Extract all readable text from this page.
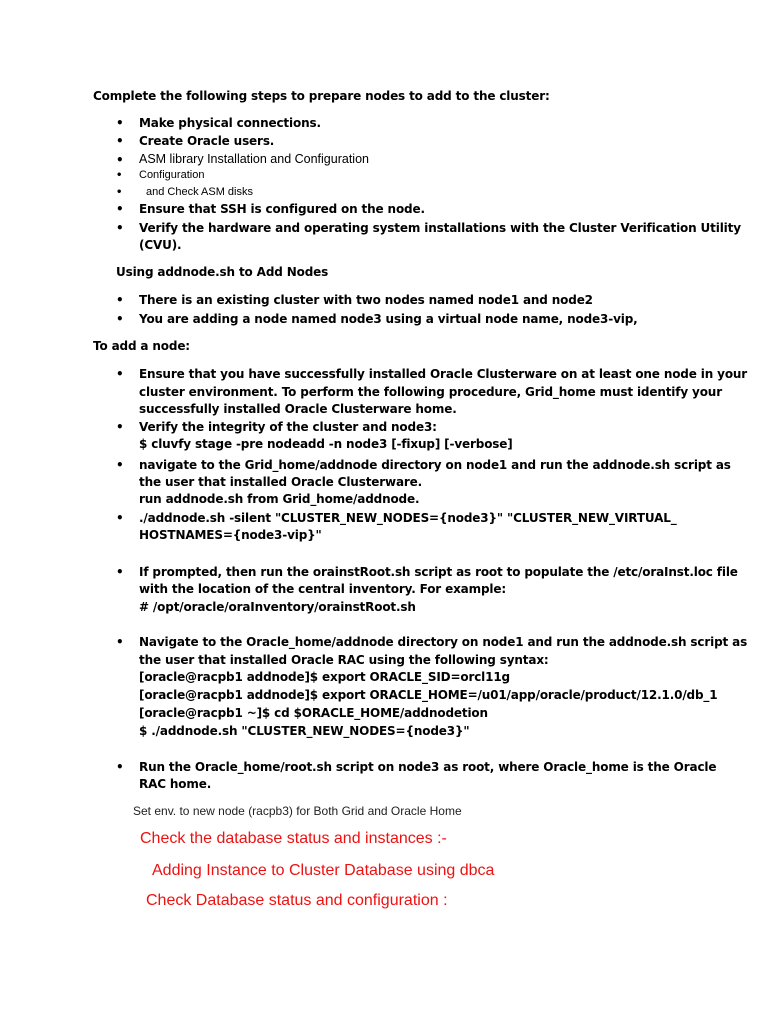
Complete the following steps to prepare nodes to add to the cluster:
• Make physical connections.
• Create Oracle users.
• ASM library Installation and Configuration
• Configuration
• and Check ASM disks
• Ensure that SSH is configured on the node.
• Verify the hardware and operating system installations with the Cluster Verification Utility
(CVU).
Using addnode.sh to Add Nodes
• There is an existing cluster with two nodes named node1 and node2
• You are adding a node named node3 using a virtual node name, node3-vip,
To add a node:
• Ensure that you have successfully installed Oracle Clusterware on at least one node in your
cluster environment. To perform the following procedure, Grid_home must identify your
successfully installed Oracle Clusterware home.
• Verify the integrity of the cluster and node3:
$ cluvfy stage -pre nodeadd -n node3 [-fixup] [-verbose]
• navigate to the Grid_home/addnode directory on node1 and run the addnode.sh script as
the user that installed Oracle Clusterware.
run addnode.sh from Grid_home/addnode.
• ./addnode.sh -silent "CLUSTER_NEW_NODES={node3}" "CLUSTER_NEW_VIRTUAL_
HOSTNAMES={node3-vip}"
• If prompted, then run the orainstRoot.sh script as root to populate the /etc/oraInst.loc file
with the location of the central inventory. For example:
# /opt/oracle/oraInventory/orainstRoot.sh
• Navigate to the Oracle_home/addnode directory on node1 and run the addnode.sh script as
the user that installed Oracle RAC using the following syntax:
[oracle@racpb1 addnode]$ export ORACLE_SID=orcl11g
[oracle@racpb1 addnode]$ export ORACLE_HOME=/u01/app/oracle/product/12.1.0/db_1
[oracle@racpb1 ~]$ cd $ORACLE_HOME/addnodetion
$ ./addnode.sh "CLUSTER_NEW_NODES={node3}"
• Run the Oracle_home/root.sh script on node3 as root, where Oracle_home is the Oracle
RAC home.
Set env. to new node (racpb3) for Both Grid and Oracle Home
Check the database status and instances :-
Adding Instance to Cluster Database using dbca
Check Database status and configuration :
